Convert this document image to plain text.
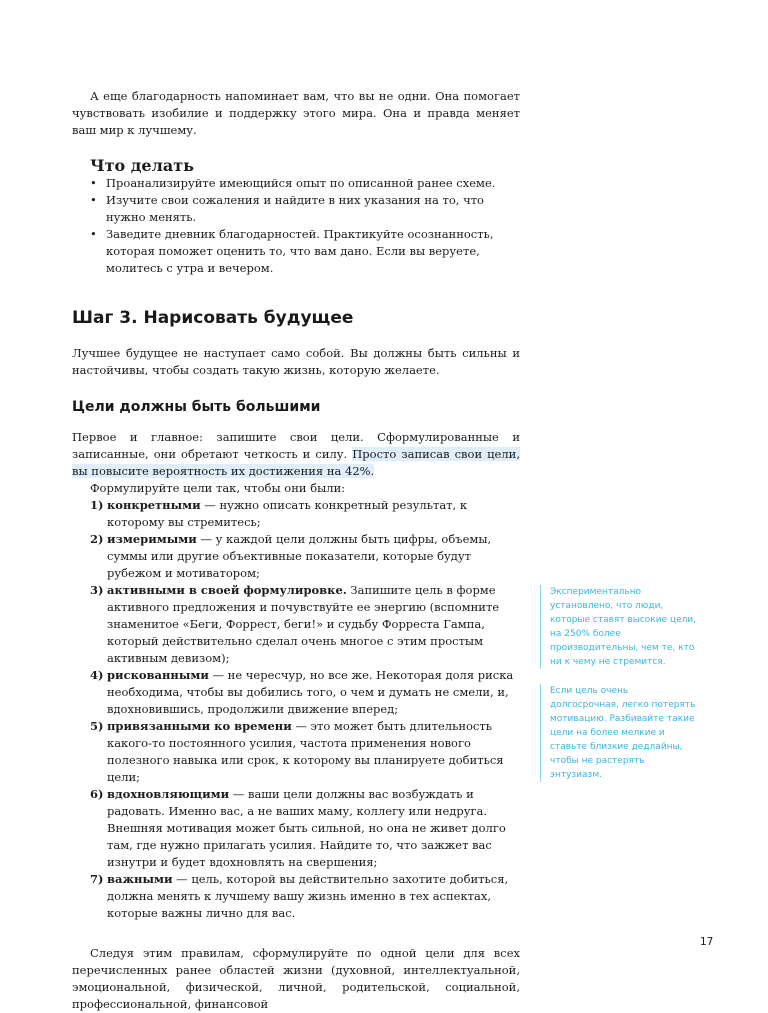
А еще благодарность напоминает вам, что вы не одни. Она помогает чувствовать изобилие и поддержку этого мира. Она и правда меняет ваш мир к лучшему.

Что делать
• Проанализируйте имеющийся опыт по описанной ранее схеме.
• Изучите свои сожаления и найдите в них указания на то, что нужно менять.
• Заведите дневник благодарностей. Практикуйте осознанность, которая поможет оценить то, что вам дано. Если вы веруете, молитесь с утра и вечером.
Шаг 3. Нарисовать будущее

Лучшее будущее не наступает само собой. Вы должны быть сильны и настойчивы, чтобы создать такую жизнь, которую желаете.

Цели должны быть большими

Первое и главное: запишите свои цели. Сформулированные и записанные, они обретают четкость и силу. Просто записав свои цели, вы повысите вероятность их достижения на 42%.

Формулируйте цели так, чтобы они были:

1) конкретными — нужно описать конкретный результат, к которому вы стремитесь;
2) измеримыми — у каждой цели должны быть цифры, объемы, суммы или другие объективные показатели, которые будут рубежом и мотиватором;
3) активными в своей формулировке. Запишите цель в форме активного предложения и почувствуйте ее энергию (вспомните знаменитое «Беги, Форрест, беги!» и судьбу Форреста Гампа, который действительно сделал очень многое с этим простым активным девизом);
4) рискованными — не чересчур, но все же. Некоторая доля риска необходима, чтобы вы добились того, о чем и думать не смели, и, вдохновившись, продолжили движение вперед;
5) привязанными ко времени — это может быть длительность какого-то постоянного усилия, частота применения нового полезного навыка или срок, к которому вы планируете добиться цели;
6) вдохновляющими — ваши цели должны вас возбуждать и радовать. Именно вас, а не ваших маму, коллегу или недруга. Внешняя мотивация может быть сильной, но она не живет долго там, где нужно прилагать усилия. Найдите то, что зажжет вас изнутри и будет вдохновлять на свершения;
7) важными — цель, которой вы действительно захотите добиться, должна менять к лучшему вашу жизнь именно в тех аспектах, которые важны лично для вас.

Следуя этим правилам, сформулируйте по одной цели для всех перечисленных ранее областей жизни (духовной, интеллектуальной, эмоциональной, физической, личной, родительской, социальной, профессиональной, финансовой

Экспериментально установлено, что люди, которые ставят высокие цели, на 250% более производительны, чем те, кто ни к чему не стремится.
Если цель очень долгосрочная, легко потерять мотивацию. Разбивайте такие цели на более мелкие и ставьте близкие дедлайны, чтобы не растерять энтузиазм.
17
